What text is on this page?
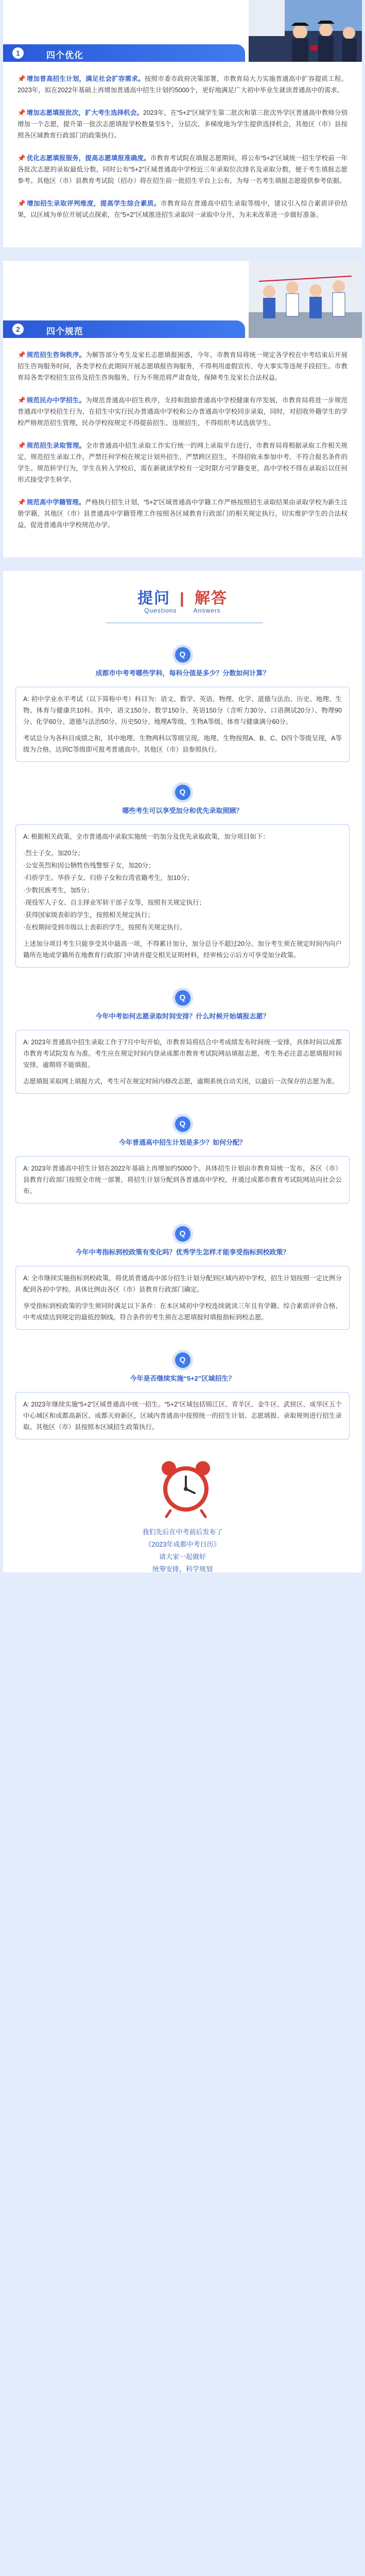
1	四个优化
📌 增加普高招生计划，满足社会扩容需求。按照市委市政府决策部署，市教育局大力实施普通高中扩容提质工程。2023年，拟在2022年基础上再增加普通高中招生计划约5000个，更好地满足广大初中毕业生就读普通高中的需求。
📌 增加志愿填报批次，扩大考生选择机会。2023年，在“5+2”区域学生第二批次和第三批次外学区普通高中教师分别增加一个志愿，提升第一批次志愿填报学校数量至5个，分层次、多梯度地为学生提供选择机会，其他区（市）县按照各区域教育行政部门的政策执行。
📌 优化志愿填报服务，提高志愿填报准确度。市教育考试院在填报志愿期间，将公布“5+2”区域统一招生学校前一年各批次志愿的录取最低分数，同时公布“5+2”区域普通高中学校近三年录取位次排名及录取分数，便于考生填报志愿参考。其他区（市）县教育考试院（招办）将在招生前一批招生平台上公布，为每一名考生填报志愿提供参考依据。
📌 增加招生录取评判维度，提高学生综合素质。市教育局在普通高中招生录取等级中，建议引入综合素质评价结果，以区域为单位开展试点探索，在“5+2”区域推进招生录取同一录取中分开，为未来改革进一步做好准备。
2	四个规范
📌 规范招生咨询秩序。为解答部分考生及家长志愿填报困惑，今年，市教育局将统一规定各学校在中考结束后开展招生咨询服务时间，各类学校在此期间开展志愿填报咨询服务，不得利用虚假宣传、夸大事实等违规手段招生。市教育局各类学校招生宣传及招生咨询服务，行为不规范将严肃查处，保障考生及家长合法权益。
📌 规范民办中学招生。为规范普通高中招生秩序，支持和鼓励普通高中学校健康有序发展，市教育局将进一步规范普通高中学校招生行为，在招生中实行民办普通高中学校和公办普通高中学校同步录取，同时，对招收外籍学生的学校严格规范招生管理，民办学校按规定不得提前招生、违规招生，不得组织考试选拔学生。
📌 规范招生录取管理。全市普通高中招生录取工作实行统一的网上录取平台进行，市教育局将根据录取工作相关规定，规范招生录取工作，严禁任何学校在规定计划外招生，严禁跨区招生，不得招收未参加中考、不符合报名条件的学生。规范转学行为，学生在转入学校后，需在新就读学校有一定时限方可学籍变更，高中学校不得在录取后以任何形式接受学生转学。
📌 规范高中学籍管理。严格执行招生计划，“5+2”区域普通高中学籍工作严格按照招生录取结果由录取学校为新生注册学籍，其他区（市）县普通高中学籍管理工作按照各区域教育行政部门的相关规定执行，切实维护学生的合法权益，促进普通高中学校规范办学。
提问 | 解答
Questions	Answers
Q
成都市中考考哪些学科，每科分值是多少？分数如何计算？

A: 初中学业水平考试（以下简称中考）科目为：语文、数学、英语、物理、化学、道德与法治、历史、地理、生物、体育与健康共10科。其中，语文150分、数学150分、英语150分（含听力30分、口语测试20分）、物理90分、化学60分、道德与法治50分、历史50分、地理A等级、生物A等级。体育与健康满分60分。

考试总分为各科目成绩之和，其中地理、生物两科以等级呈现。地理、生物按照A、B、C、D四个等级呈现，A等级为合格，达到C等级即可报考普通高中。其他区（市）县参照执行。

Q
哪些考生可以享受加分和优先录取照顾？

A: 根据相关政策，全市普通高中录取实施统一的加分及优先录取政策，加分项目如下：

·烈士子女，加20分；

·公安英烈和因公牺牲伤残警察子女，加20分；

·归侨学生、华侨子女、归侨子女和台湾省籍考生，加10分；

·少数民族考生，加5分；

·现役军人子女、自主择业军转干部子女等，按照有关规定执行；

·获得国家级表彰的学生，按照相关规定执行；

·在校期间受到市级以上表彰的学生，按照有关规定执行。

上述加分项目考生只能享受其中最高一项，不得累计加分，加分总分不超过20分。加分考生须在规定时间内向户籍所在地或学籍所在地教育行政部门申请并提交相关证明材料，经审核公示后方可享受加分政策。

Q
今年中考如何志愿录取时间安排？什么时候开始填报志愿？

A: 2023年普通高中招生录取工作于7月中旬开始，市教育局将结合中考成绩发布时间统一安排，具体时间以成都市教育考试院发布为准。考生应在规定时间内登录成都市教育考试院网站填报志愿，考生务必注意志愿填报时间安排，逾期将不能填报。

志愿填报采取网上填报方式，考生可在规定时间内修改志愿，逾期系统自动关闭，以最后一次保存的志愿为准。

Q
今年普通高中招生计划是多少？如何分配？

A: 2023年普通高中招生计划在2022年基础上再增加约5000个。具体招生计划由市教育局统一发布，各区（市）县教育行政部门按照全市统一部署，将招生计划分配到各普通高中学校，并通过成都市教育考试院网站向社会公布。

Q
今年中考指标到校政策有变化吗？优秀学生怎样才能享受指标到校政策？

A: 全市继续实施指标到校政策，将优质普通高中部分招生计划分配到区域内初中学校，招生计划按照一定比例分配到各初中学校。具体比例由各区（市）县教育行政部门确定。

享受指标到校政策的学生须同时满足以下条件：在本区域初中学校连续就读三年且有学籍、综合素质评价合格、中考成绩达到规定的最低控制线。符合条件的考生须在志愿填报时填报指标到校志愿。

Q
今年是否继续实施“5+2”区域招生？

A: 2023年继续实施“5+2”区域普通高中统一招生。“5+2”区域包括锦江区、青羊区、金牛区、武侯区、成华区五个中心城区和成都高新区、成都天府新区，区域内普通高中按照统一的招生计划、志愿填报、录取规则进行招生录取。其他区（市）县按照本区域招生政策执行。

我们先后在中考前后发布了
《2023年成都中考日历》
请大家一起做好
统筹安排，科学规划
